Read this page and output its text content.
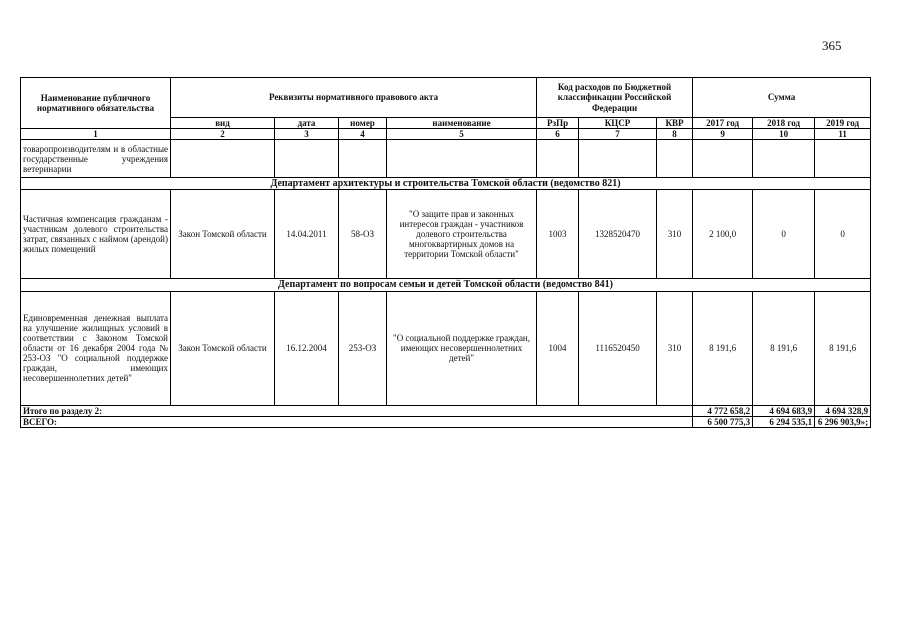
365
Наименование публичного нормативного обязательства	Реквизиты нормативного правового акта				Код расходов по Бюджетной классификации Российской Федерации			Сумма		
	вид	дата	номер	наименование	РзПр	КЦСР	КВР	2017 год	2018 год	2019 год
1	2	3	4	5	6	7	8	9	10	11
товаропроизводителям и в областные государственные учреждения ветеринарии										
Департамент архитектуры и строительства Томской области (ведомство 821)										
Частичная компенсация гражданам - участникам долевого строительства затрат, связанных с наймом (арендой) жилых помещений	Закон Томской области	14.04.2011	58-ОЗ	"О защите прав и законных интересов граждан - участников долевого строительства многоквартирных домов на территории Томской области"	1003	1328520470	310	2 100,0	0	0
Департамент по вопросам семьи и детей Томской области (ведомство 841)										
Единовременная денежная выплата на улучшение жилищных условий в соответствии с Законом Томской области от 16 декабря 2004 года № 253-ОЗ "О социальной поддержке граждан, имеющих несовершеннолетних детей"	Закон Томской области	16.12.2004	253-ОЗ	"О социальной поддержке граждан, имеющих несовершеннолетних детей"	1004	1116520450	310	8 191,6	8 191,6	8 191,6
Итого по разделу 2:								4 772 658,2	4 694 683,9	4 694 328,9
ВСЕГО:								6 500 775,3	6 294 535,1	6 296 903,9»;
